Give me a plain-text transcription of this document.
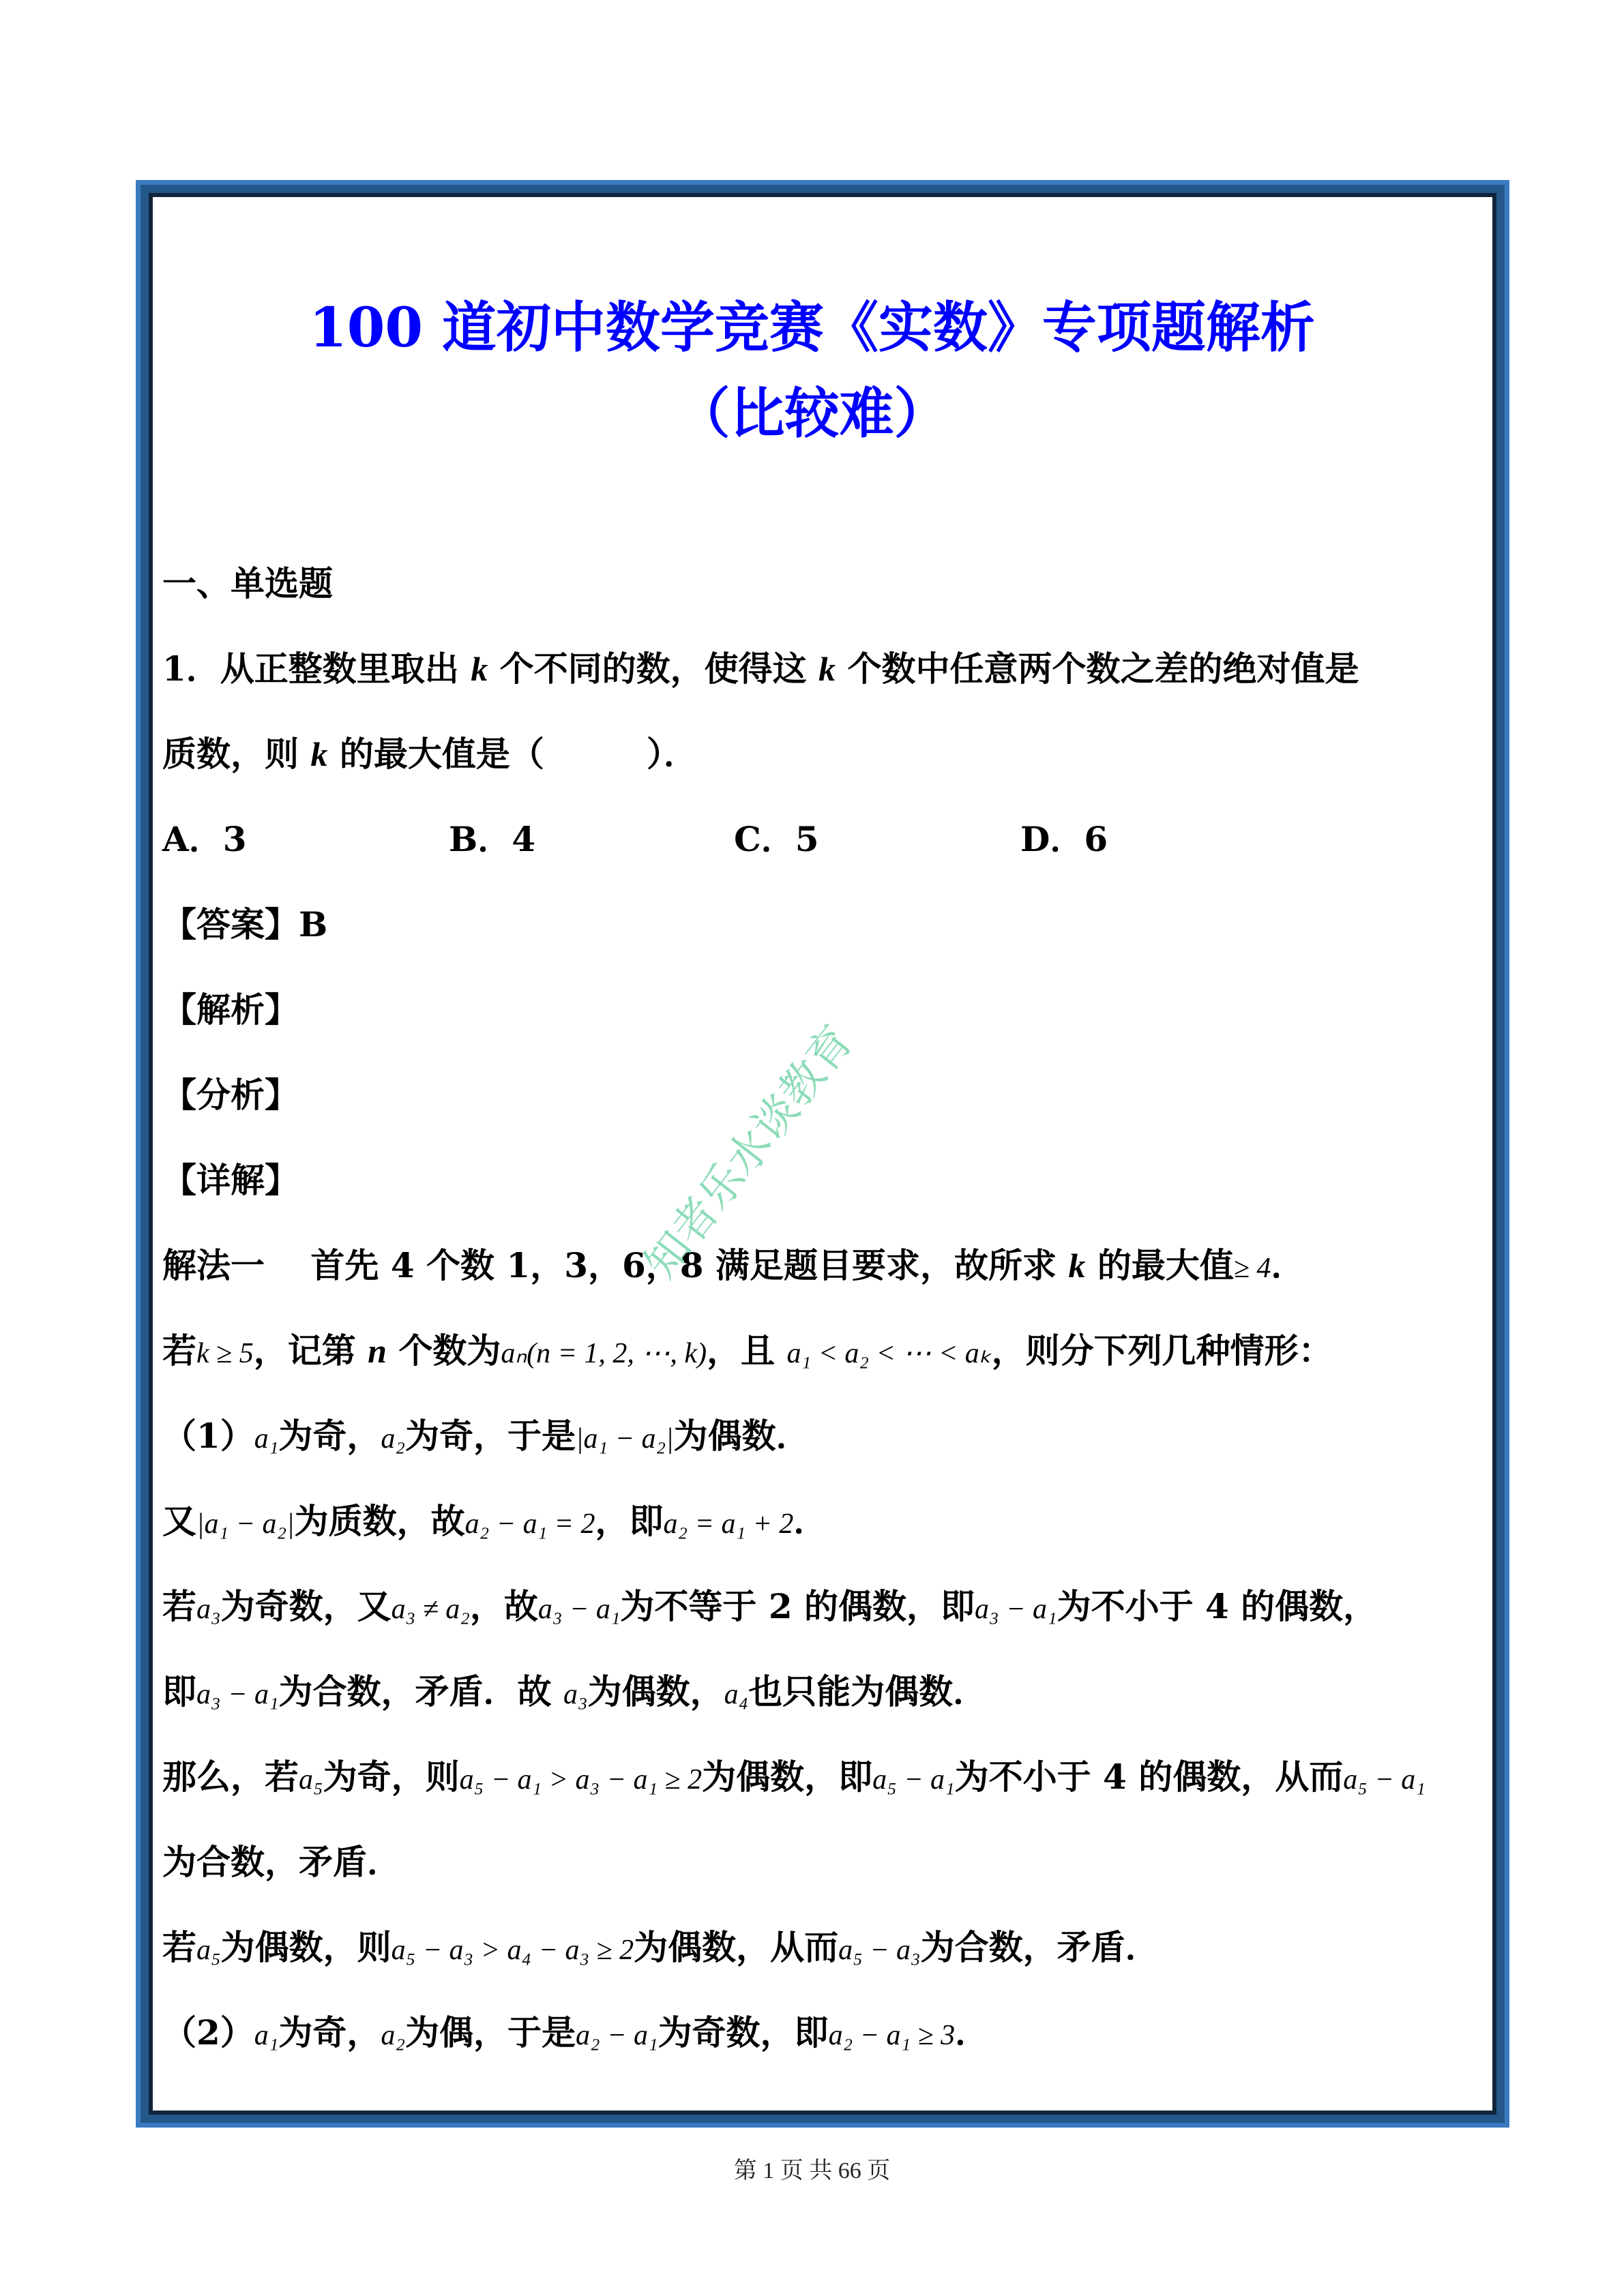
100 道初中数学竞赛《实数》专项题解析
（比较难）
一、单选题
1．从正整数里取出 k 个不同的数，使得这 k 个数中任意两个数之差的绝对值是
质数，则 k 的最大值是（　　　）．
A．3	B．4	C．5	D．6
【答案】B
【解析】
【分析】
【详解】
解法一　 首先 4 个数 1，3，6，8 满足题目要求，故所求 k 的最大值≥ 4．
若k ≥ 5，记第 n 个数为aₙ(n = 1, 2, ⋯, k)，且 a₁ < a₂ < ⋯ < aₖ，则分下列几种情形：
（1）a₁为奇，a₂为奇，于是|a₁ − a₂|为偶数．
又|a₁ − a₂|为质数，故a₂ − a₁ = 2，即a₂ = a₁ + 2．
若a₃为奇数，又a₃ ≠ a₂，故a₃ − a₁为不等于 2 的偶数，即a₃ − a₁为不小于 4 的偶数，
即a₃ − a₁为合数，矛盾．故 a₃为偶数，a₄也只能为偶数．
那么，若a₅为奇，则a₅ − a₁ > a₃ − a₁ ≥ 2为偶数，即a₅ − a₁为不小于 4 的偶数，从而a₅ − a₁
为合数，矛盾．
若a₅为偶数，则a₅ − a₃ > a₄ − a₃ ≥ 2为偶数，从而a₅ − a₃为合数，矛盾．
（2）a₁为奇，a₂为偶，于是a₂ − a₁为奇数，即a₂ − a₁ ≥ 3．
知者乐水谈教育
第 1 页 共 66 页
